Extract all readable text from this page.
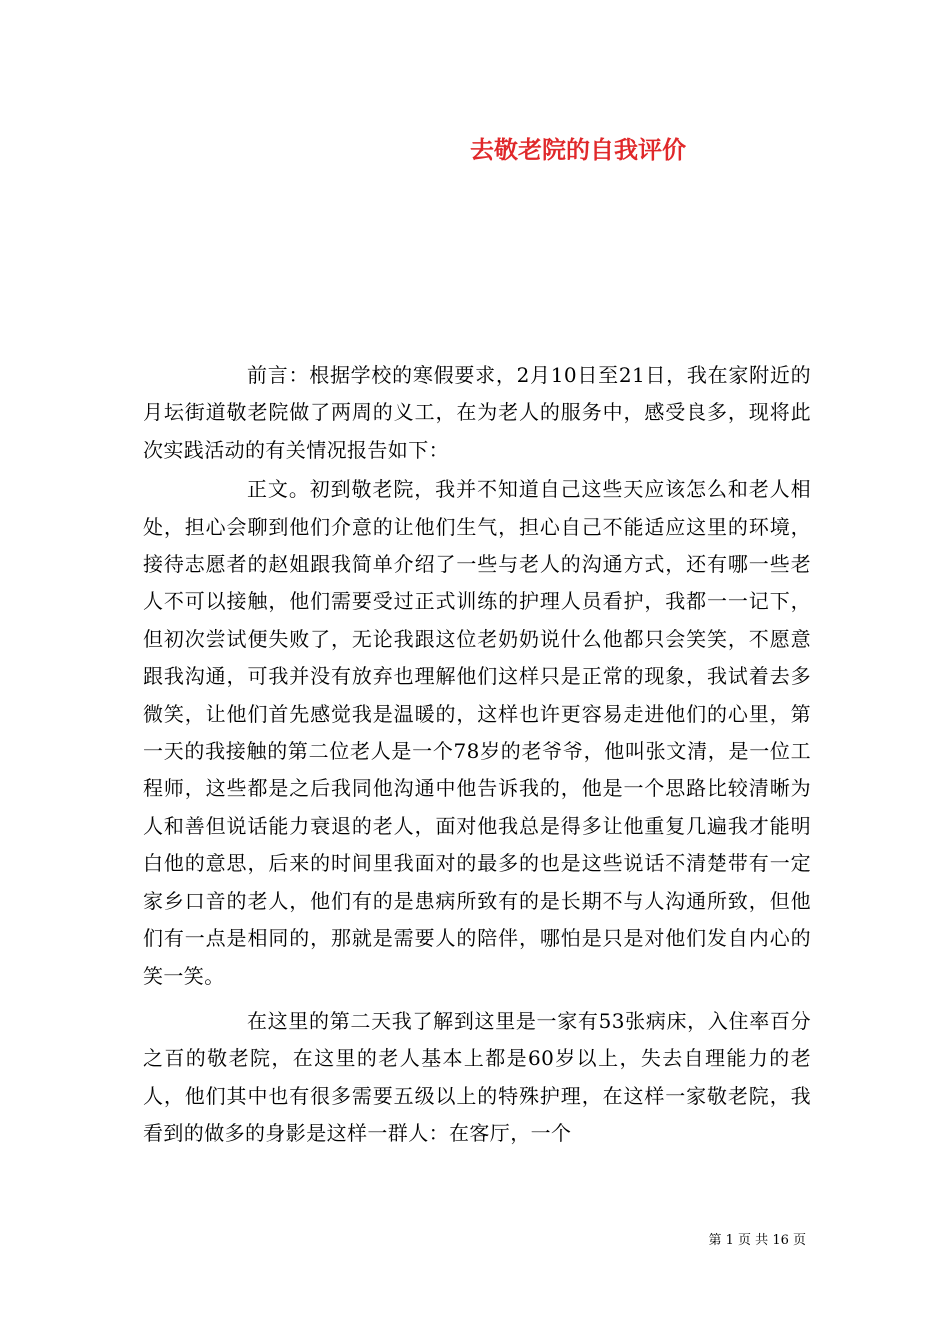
去敬老院的自我评价

前言：根据学校的寒假要求，2月10日至21日，我在家附近的月坛街道敬老院做了两周的义工，在为老人的服务中，感受良多，现将此次实践活动的有关情况报告如下：

正文。初到敬老院，我并不知道自己这些天应该怎么和老人相处，担心会聊到他们介意的让他们生气，担心自己不能适应这里的环境，接待志愿者的赵姐跟我简单介绍了一些与老人的沟通方式，还有哪一些老人不可以接触，他们需要受过正式训练的护理人员看护，我都一一记下，但初次尝试便失败了，无论我跟这位老奶奶说什么他都只会笑笑，不愿意跟我沟通，可我并没有放弃也理解他们这样只是正常的现象，我试着去多微笑，让他们首先感觉我是温暖的，这样也许更容易走进他们的心里，第一天的我接触的第二位老人是一个78岁的老爷爷，他叫张文清，是一位工程师，这些都是之后我同他沟通中他告诉我的，他是一个思路比较清晰为人和善但说话能力衰退的老人，面对他我总是得多让他重复几遍我才能明白他的意思，后来的时间里我面对的最多的也是这些说话不清楚带有一定家乡口音的老人，他们有的是患病所致有的是长期不与人沟通所致，但他们有一点是相同的，那就是需要人的陪伴，哪怕是只是对他们发自内心的笑一笑。

在这里的第二天我了解到这里是一家有53张病床，入住率百分之百的敬老院，在这里的老人基本上都是60岁以上，失去自理能力的老人，他们其中也有很多需要五级以上的特殊护理，在这样一家敬老院，我看到的做多的身影是这样一群人：在客厅，一个

第 1 页 共 16 页
